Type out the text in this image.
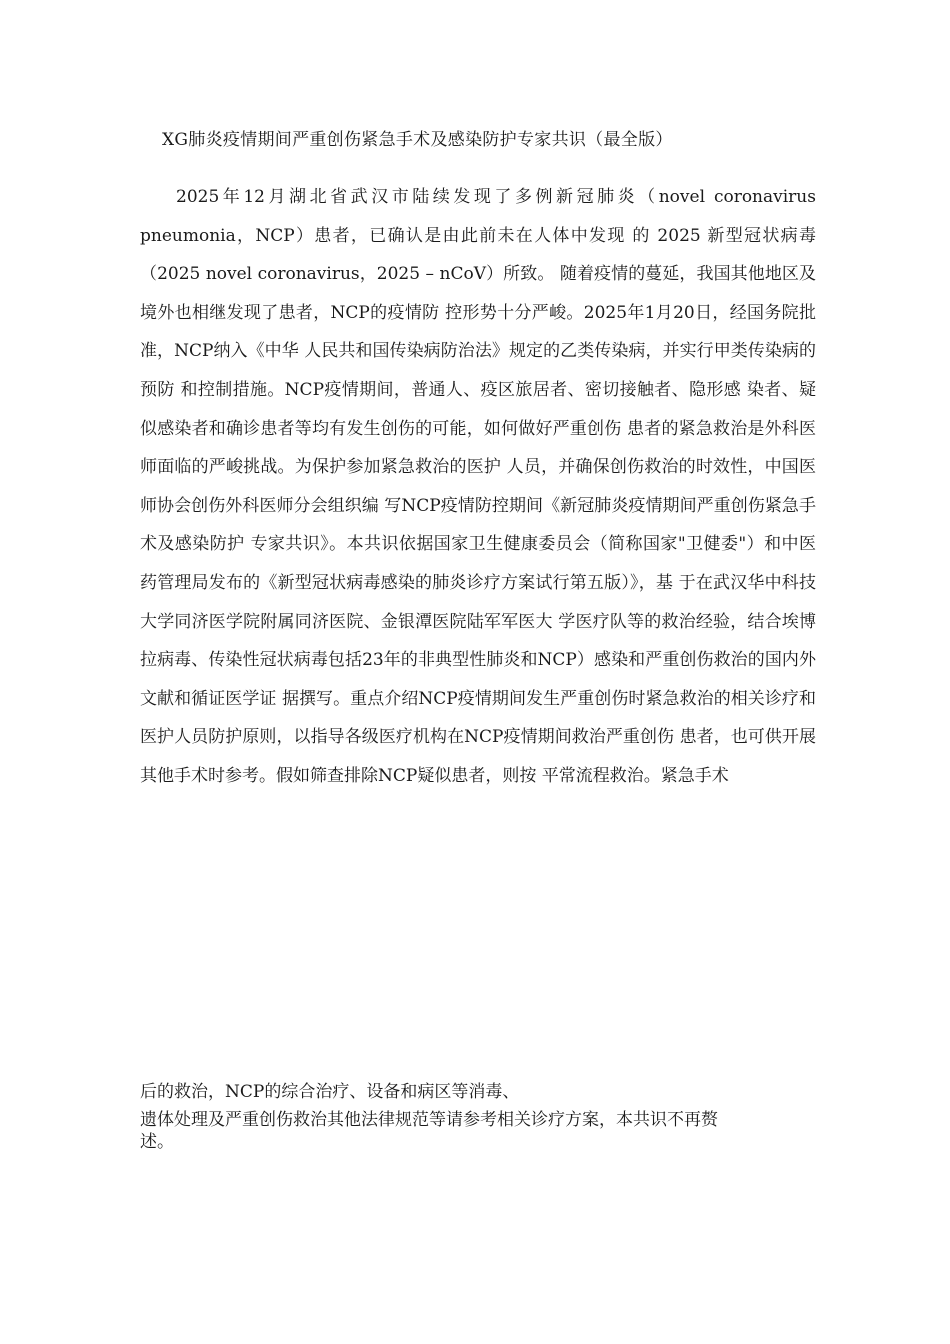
XG肺炎疫情期间严重创伤紧急手术及感染防护专家共识（最全版）

2025年12月湖北省武汉市陆续发现了多例新冠肺炎（novel coronavirus pneumonia，NCP）患者，已确认是由此前未在人体中发现 的 2025 新型冠状病毒（2025 novel coronavirus，2025 – nCoV）所致。 随着疫情的蔓延，我国其他地区及境外也相继发现了患者，NCP的疫情防 控形势十分严峻。2025年1月20日，经国务院批准，NCP纳入《中华 人民共和国传染病防治法》规定的乙类传染病，并实行甲类传染病的预防 和控制措施。NCP疫情期间，普通人、疫区旅居者、密切接触者、隐形感 染者、疑似感染者和确诊患者等均有发生创伤的可能，如何做好严重创伤 患者的紧急救治是外科医师面临的严峻挑战。为保护参加紧急救治的医护 人员，并确保创伤救治的时效性，中国医师协会创伤外科医师分会组织编 写NCP疫情防控期间《新冠肺炎疫情期间严重创伤紧急手术及感染防护 专家共识》。本共识依据国家卫生健康委员会（简称国家"卫健委"）和中医 药管理局发布的《新型冠状病毒感染的肺炎诊疗方案试行第五版）》，基 于在武汉华中科技大学同济医学院附属同济医院、金银潭医院陆军军医大 学医疗队等的救治经验，结合埃博拉病毒、传染性冠状病毒包括23年的非典型性肺炎和NCP）感染和严重创伤救治的国内外文献和循证医学证 据撰写。重点介绍NCP疫情期间发生严重创伤时紧急救治的相关诊疗和 医护人员防护原则，以指导各级医疗机构在NCP疫情期间救治严重创伤 患者，也可供开展其他手术时参考。假如筛查排除NCP疑似患者，则按 平常流程救治。紧急手术

后的救治，NCP的综合治疗、设备和病区等消毒、

遗体处理及严重创伤救治其他法律规范等请参考相关诊疗方案，本共识不再赘

述。
